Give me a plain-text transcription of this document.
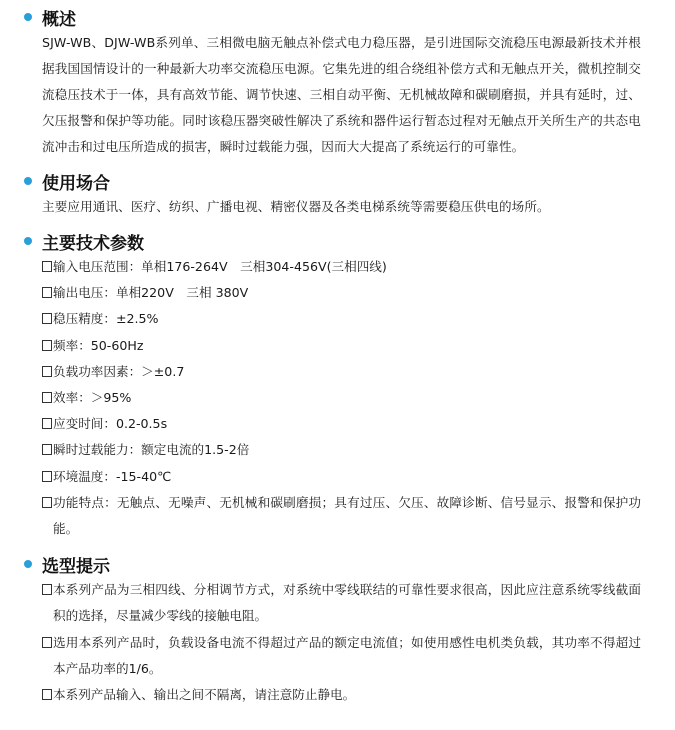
概述
SJW-WB、DJW-WB系列单、三相微电脑无触点补偿式电力稳压器，是引进国际交流稳压电源最新技术并根据我国国情设计的一种最新大功率交流稳压电源。它集先进的组合绕组补偿方式和无触点开关，微机控制交流稳压技术于一体，具有高效节能、调节快速、三相自动平衡、无机械故障和碳刷磨损，并具有延时，过、欠压报警和保护等功能。同时该稳压器突破性解决了系统和器件运行暂态过程对无触点开关所生产的共态电流冲击和过电压所造成的损害，瞬时过载能力强，因而大大提高了系统运行的可靠性。
使用场合
主要应用通讯、医疗、纺织、广播电视、精密仪器及各类电梯系统等需要稳压供电的场所。
主要技术参数
输入电压范围：单相176-264V　三相304-456V(三相四线)
输出电压：单相220V　三相 380V
稳压精度：±2.5%
频率：50-60Hz
负载功率因素：＞±0.7
效率：＞95%
应变时间：0.2-0.5s
瞬时过载能力：额定电流的1.5-2倍
环境温度：-15-40℃
功能特点：无触点、无噪声、无机械和碳刷磨损；具有过压、欠压、故障诊断、信号显示、报警和保护功能。
选型提示
本系列产品为三相四线、分相调节方式，对系统中零线联结的可靠性要求很高，因此应注意系统零线截面积的选择，尽量减少零线的接触电阻。
选用本系列产品时，负载设备电流不得超过产品的额定电流值；如使用感性电机类负载，其功率不得超过本产品功率的1/6。
本系列产品输入、输出之间不隔离，请注意防止静电。
